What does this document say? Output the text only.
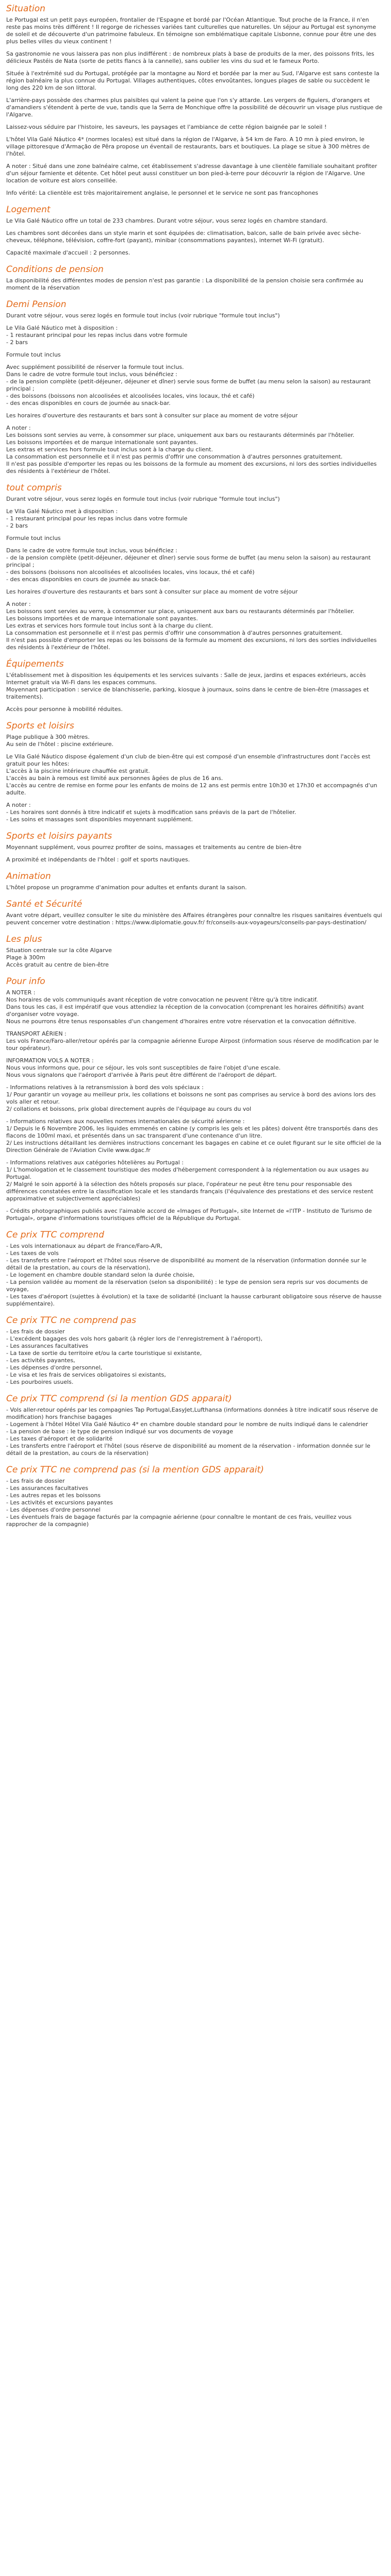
Situation

Le Portugal est un petit pays européen, frontalier de l'Espagne et bordé par l'Océan Atlantique. Tout proche de la France, il n'en reste pas moins très différent ! Il regorge de richesses variées tant culturelles que naturelles. Un séjour au Portugal est synonyme de soleil et de découverte d'un patrimoine fabuleux. En témoigne son emblématique capitale Lisbonne, connue pour être une des plus belles villes du vieux continent !

Sa gastronomie ne vous laissera pas non plus indifférent : de nombreux plats à base de produits de la mer, des poissons frits, les délicieux Pastéis de Nata (sorte de petits flancs à la cannelle), sans oublier les vins du sud et le fameux Porto.

Située à l'extrémité sud du Portugal, protégée par la montagne au Nord et bordée par la mer au Sud, l'Algarve est sans conteste la région balnéaire la plus connue du Portugal. Villages authentiques, côtes envoûtantes, longues plages de sable ou succèdent le long des 220 km de son littoral.

L'arrière-pays possède des charmes plus paisibles qui valent la peine que l'on s'y attarde. Les vergers de figuiers, d'orangers et d'amandiers s'étendent à perte de vue, tandis que la Serra de Monchique offre la possibilité de découvrir un visage plus rustique de l'Algarve.

Laissez-vous séduire par l'histoire, les saveurs, les paysages et l'ambiance de cette région baignée par le soleil !

L'hôtel Vila Galé Náutico 4* (normes locales) est situé dans la région de l'Algarve, à 54 km de Faro. A 10 mn à pied environ, le village pittoresque d'Armação de Pêra propose un éventail de restaurants, bars et boutiques. La plage se situe à 300 mètres de l'hôtel.

A noter : Situé dans une zone balnéaire calme, cet établissement s'adresse davantage à une clientèle familiale souhaitant profiter d'un séjour farniente et détente. Cet hôtel peut aussi constituer un bon pied-à-terre pour découvrir la région de l'Algarve. Une location de voiture est alors conseillée.

Info vérité: La clientèle est très majoritairement anglaise, le personnel et le service ne sont pas francophones

Logement

Le Vila Galé Náutico offre un total de 233 chambres. Durant votre séjour, vous serez logés en chambre standard.

Les chambres sont décorées dans un style marin et sont équipées de: climatisation, balcon, salle de bain privée avec sèche-cheveux, téléphone, télévision, coffre-fort (payant), minibar (consommations payantes), internet Wi-Fi (gratuit).

Capacité maximale d'accueil : 2 personnes.

Conditions de pension

La disponibilité des différentes modes de pension n'est pas garantie : La disponibilité de la pension choisie sera confirmée au moment de la réservation

Demi Pension

Durant votre séjour, vous serez logés en formule tout inclus (voir rubrique "formule tout inclus")

Le Vila Galé Náutico met à disposition :
- 1 restaurant principal pour les repas inclus dans votre formule
- 2 bars

Formule tout inclus

Avec supplément possibilité de réserver la formule tout inclus.
Dans le cadre de votre formule tout inclus, vous bénéficiez :
- de la pension complète (petit-déjeuner, déjeuner et dîner) servie sous forme de buffet (au menu selon la saison) au restaurant principal ;
- des boissons (boissons non alcoolisées et alcoolisées locales, vins locaux, thé et café)
- des encas disponibles en cours de journée au snack-bar.

Les horaires d'ouverture des restaurants et bars sont à consulter sur place au moment de votre séjour

A noter :
Les boissons sont servies au verre, à consommer sur place, uniquement aux bars ou restaurants déterminés par l'hôtelier.
Les boissons importées et de marque internationale sont payantes.
Les extras et services hors formule tout inclus sont à la charge du client.
La consommation est personnelle et il n'est pas permis d'offrir une consommation à d'autres personnes gratuitement.
Il n'est pas possible d'emporter les repas ou les boissons de la formule au moment des excursions, ni lors des sorties individuelles des résidents à l'extérieur de l'hôtel.

tout compris

Durant votre séjour, vous serez logés en formule tout inclus (voir rubrique "formule tout inclus")

Le Vila Galé Náutico met à disposition :
- 1 restaurant principal pour les repas inclus dans votre formule
- 2 bars

Formule tout inclus

Dans le cadre de votre formule tout inclus, vous bénéficiez :
- de la pension complète (petit-déjeuner, déjeuner et dîner) servie sous forme de buffet (au menu selon la saison) au restaurant principal ;
- des boissons (boissons non alcoolisées et alcoolisées locales, vins locaux, thé et café)
- des encas disponibles en cours de journée au snack-bar.

Les horaires d'ouverture des restaurants et bars sont à consulter sur place au moment de votre séjour

A noter :
Les boissons sont servies au verre, à consommer sur place, uniquement aux bars ou restaurants déterminés par l'hôtelier.
Les boissons importées et de marque internationale sont payantes.
Les extras et services hors formule tout inclus sont à la charge du client.
La consommation est personnelle et il n'est pas permis d'offrir une consommation à d'autres personnes gratuitement.
Il n'est pas possible d'emporter les repas ou les boissons de la formule au moment des excursions, ni lors des sorties individuelles des résidents à l'extérieur de l'hôtel.

Équipements

L'établissement met à disposition les équipements et les services suivants : Salle de jeux, jardins et espaces extérieurs, accès Internet gratuit via Wi-Fi dans les espaces communs.
Moyennant participation : service de blanchisserie, parking, kiosque à journaux, soins dans le centre de bien-être (massages et traitements).

Accès pour personne à mobilité réduites.

Sports et loisirs

Plage publique à 300 mètres.
Au sein de l'hôtel : piscine extérieure.

Le Vila Galé Náutico dispose également d'un club de bien-être qui est composé d'un ensemble d'infrastructures dont l'accès est gratuit pour les hôtes:
L'accès à la piscine intérieure chauffée est gratuit.
L'accès au bain à remous est limité aux personnes âgées de plus de 16 ans.
L'accès au centre de remise en forme pour les enfants de moins de 12 ans est permis entre 10h30 et 17h30 et accompagnés d'un adulte.

A noter :
- Les horaires sont donnés à titre indicatif et sujets à modification sans préavis de la part de l'hôtelier.
- Les soins et massages sont disponibles moyennant supplément.

Sports et loisirs payants

Moyennant supplément, vous pourrez profiter de soins, massages et traitements au centre de bien-être

A proximité et indépendants de l'hôtel : golf et sports nautiques.

Animation

L'hôtel propose un programme d'animation pour adultes et enfants durant la saison.

Santé et Sécurité

Avant votre départ, veuillez consulter le site du ministère des Affaires étrangères pour connaître les risques sanitaires éventuels qui peuvent concerner votre destination : https://www.diplomatie.gouv.fr/ fr/conseils-aux-voyageurs/conseils-par-pays-destination/

Les plus

Situation centrale sur la côte Algarve
Plage à 300m
Accès gratuit au centre de bien-être

Pour info

A NOTER :
Nos horaires de vols communiqués avant réception de votre convocation ne peuvent l'être qu'à titre indicatif.
Dans tous les cas, il est impératif que vous attendiez la réception de la convocation (comprenant les horaires définitifs) avant d'organiser votre voyage.
Nous ne pourrons être tenus responsables d'un changement d'horaires entre votre réservation et la convocation définitive.

TRANSPORT AÉRIEN :
Les vols France/Faro-aller/retour opérés par la compagnie aérienne Europe Airpost (information sous réserve de modification par le tour opérateur).

INFORMATION VOLS A NOTER :
Nous vous informons que, pour ce séjour, les vols sont susceptibles de faire l'objet d'une escale.
Nous vous signalons que l'aéroport d'arrivée à Paris peut être différent de l'aéroport de départ.

- Informations relatives à la retransmission à bord des vols spéciaux :
1/ Pour garantir un voyage au meilleur prix, les collations et boissons ne sont pas comprises au service à bord des avions lors des vols aller et retour.
2/ collations et boissons, prix global directement auprès de l'équipage au cours du vol

- Informations relatives aux nouvelles normes internationales de sécurité aérienne :
1/ Depuis le 6 Novembre 2006, les liquides emmenés en cabine (y compris les gels et les pâtes) doivent être transportés dans des flacons de 100ml maxi, et présentés dans un sac transparent d'une contenance d'un litre.
2/ Les instructions détaillant les dernières instructions concernant les bagages en cabine et ce oulet figurant sur le site officiel de la Direction Générale de l'Aviation Civile www.dgac.fr

- Informations relatives aux catégories hôtelières au Portugal :
1/ L'homologation et le classement touristique des modes d'hébergement correspondent à la réglementation ou aux usages au Portugal.
2/ Malgré le soin apporté à la sélection des hôtels proposés sur place, l'opérateur ne peut être tenu pour responsable des différences constatées entre la classification locale et les standards français (l'équivalence des prestations et des service restent approximative et subjectivement appréciables)

- Crédits photographiques publiés avec l'aimable accord de «Images of Portugal», site Internet de «l'ITP - Instituto de Turismo de Portugal», organe d'informations touristiques officiel de la République du Portugal.

Ce prix TTC comprend

- Les vols internationaux au départ de France/Faro-A/R,
- Les taxes de vols
- Les transferts entre l'aéroport et l'hôtel sous réserve de disponibilité au moment de la réservation (information donnée sur le détail de la prestation, au cours de la réservation),
- Le logement en chambre double standard selon la durée choisie,
- La pension validée au moment de la réservation (selon sa disponibilité) : le type de pension sera repris sur vos documents de voyage,
- Les taxes d'aéroport (sujettes à évolution) et la taxe de solidarité (incluant la hausse carburant obligatoire sous réserve de hausse supplémentaire).

Ce prix TTC ne comprend pas

- Les frais de dossier
- L'excédent bagages des vols hors gabarit (à régler lors de l'enregistrement à l'aéroport),
- Les assurances facultatives
- La taxe de sortie du territoire et/ou la carte touristique si existante,
- Les activités payantes,
- Les dépenses d'ordre personnel,
- Le visa et les frais de services obligatoires si existants,
- Les pourboires usuels.

Ce prix TTC comprend (si la mention GDS apparait)

- Vols aller-retour opérés par les compagnies Tap Portugal,EasyJet,Lufthansa (informations données à titre indicatif sous réserve de modification) hors franchise bagages
- Logement à l'hôtel Hôtel Vila Galé Náutico 4* en chambre double standard pour le nombre de nuits indiqué dans le calendrier
- La pension de base : le type de pension indiqué sur vos documents de voyage
- Les taxes d'aéroport et de solidarité
- Les transferts entre l'aéroport et l'hôtel (sous réserve de disponibilité au moment de la réservation - information donnée sur le détail de la prestation, au cours de la réservation)

Ce prix TTC ne comprend pas (si la mention GDS apparait)

- Les frais de dossier
- Les assurances facultatives
- Les autres repas et les boissons
- Les activités et excursions payantes
- Les dépenses d'ordre personnel
- Les éventuels frais de bagage facturés par la compagnie aérienne (pour connaître le montant de ces frais, veuillez vous rapprocher de la compagnie)
